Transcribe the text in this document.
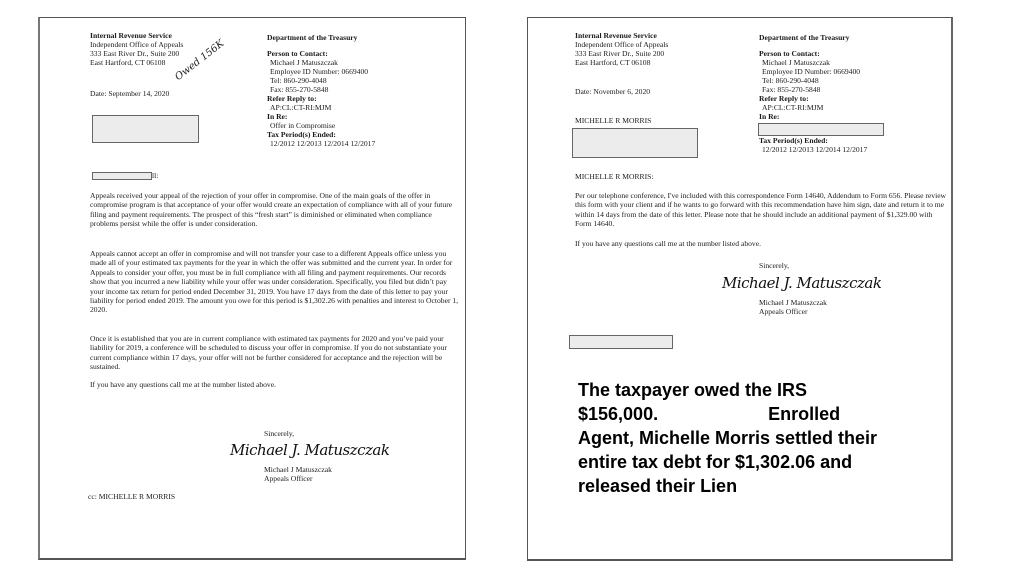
Internal Revenue Service
Independent Office of Appeals
333 East River Dr., Suite 200
East Hartford, CT 06108
Date: September 14, 2020
Owed 156K
Department of the Treasury
Person to Contact:
Michael J Matuszczak
Employee ID Number: 0669400
Tel: 860-290-4048
Fax: 855-270-5848
Refer Reply to:
AP:CL:CT-RI:MJM
In Re:
Offer in Compromise
Tax Period(s) Ended:
12/2012 12/2013 12/2014 12/2017
ll:
Appeals received your appeal of the rejection of your offer in compromise. One of the main goals of the offer in compromise program is that acceptance of your offer would create an expectation of compliance with all of your future filing and payment requirements. The prospect of this “fresh start” is diminished or eliminated when compliance problems persist while the offer is under consideration.
Appeals cannot accept an offer in compromise and will not transfer your case to a different Appeals office unless you made all of your estimated tax payments for the year in which the offer was submitted and the current year. In order for Appeals to consider your offer, you must be in full compliance with all filing and payment requirements. Our records show that you incurred a new liability while your offer was under consideration. Specifically, you filed but didn’t pay your income tax return for period ended December 31, 2019. You have 17 days from the date of this letter to pay your liability for period ended 2019. The amount you owe for this period is $1,302.26 with penalties and interest to October 1, 2020.
Once it is established that you are in current compliance with estimated tax payments for 2020 and you’ve paid your liability for 2019, a conference will be scheduled to discuss your offer in compromise. If you do not substantiate your current compliance within 17 days, your offer will not be further considered for acceptance and the rejection will be sustained.
If you have any questions call me at the number listed above.
Sincerely,
Michael J. Matuszczak
Michael J Matuszczak
Appeals Officer
cc: MICHELLE R MORRIS
Internal Revenue Service
Independent Office of Appeals
333 East River Dr., Suite 200
East Hartford, CT 06108
Date: November 6, 2020
Department of the Treasury
Person to Contact:
Michael J Matuszczak
Employee ID Number: 0669400
Tel: 860-290-4048
Fax: 855-270-5848
Refer Reply to:
AP:CL:CT-RI:MJM
In Re:
Tax Period(s) Ended:
12/2012 12/2013 12/2014 12/2017
MICHELLE R MORRIS
MICHELLE R MORRIS:
Per our telephone conference, I've included with this correspondence Form 14640, Addendum to Form 656. Please review this form with your client and if he wants to go forward with this recommendation have him sign, date and return it to me within 14 days from the date of this letter. Please note that he should include an additional payment of $1,329.00 with Form 14640.
If you have any questions call me at the number listed above.
Sincerely,
Michael J. Matuszczak
Michael J Matuszczak
Appeals Officer
The taxpayer owed the IRS
$156,000.                      Enrolled
Agent, Michelle Morris settled their
entire tax debt for $1,302.06 and
released their Lien
